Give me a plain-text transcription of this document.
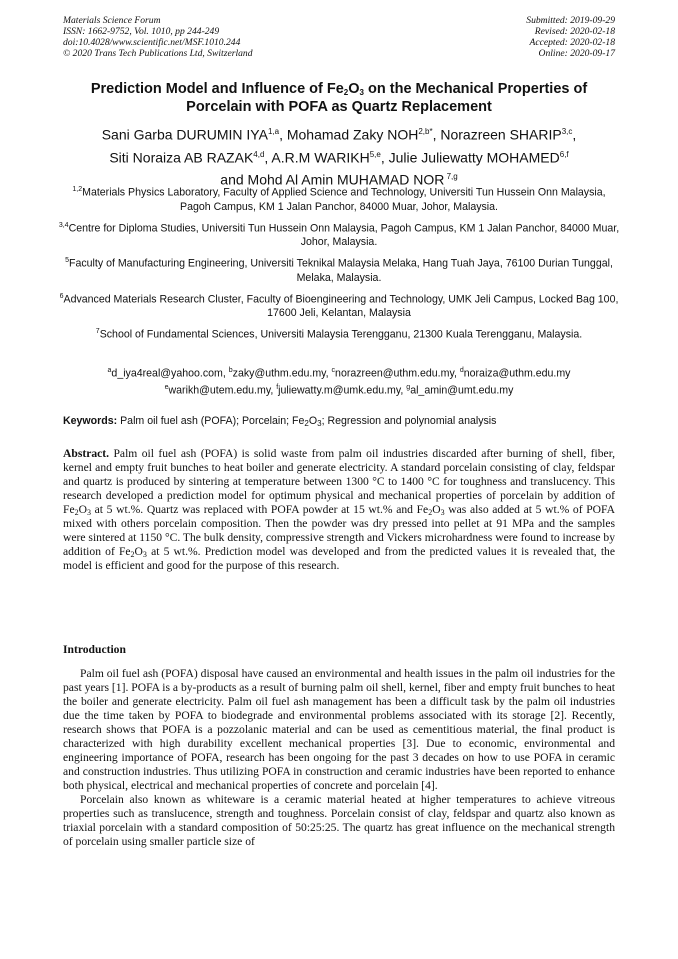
Materials Science Forum
ISSN: 1662-9752, Vol. 1010, pp 244-249
doi:10.4028/www.scientific.net/MSF.1010.244
© 2020 Trans Tech Publications Ltd, Switzerland
Submitted: 2019-09-29
Revised: 2020-02-18
Accepted: 2020-02-18
Online: 2020-09-17
Prediction Model and Influence of $Fe_2O_3$ on the Mechanical Properties of
Porcelain with POFA as Quartz Replacement
Sani Garba DURUMIN IYA$^{1,a}$, Mohamad Zaky $NOH^{2,b*}$, Norazreen SHARIP$^{3,c}$,
Siti Noraiza AB RAZAK$^{4,d}$, A.R.M WARIKH$^{5,e}$, Julie Juliewatty MOHAMED$^{6,f}$
and Mohd Al Amin MUHAMAD NOR $^{7,g}$

$^{1,2}$Materials Physics Laboratory, Faculty of Applied Science and Technology, Universiti Tun Hussein Onn Malaysia, Pagoh Campus, KM 1 Jalan Panchor, 84000 Muar, Johor, Malaysia.

$^{3,4}$Centre for Diploma Studies, Universiti Tun Hussein Onn Malaysia, Pagoh Campus, KM 1 Jalan Panchor, 84000 Muar, Johor, Malaysia.

$^5$Faculty of Manufacturing Engineering, Universiti Teknikal Malaysia Melaka, Hang Tuah Jaya, 76100 Durian Tunggal, Melaka, Malaysia.

$^6$Advanced Materials Research Cluster, Faculty of Bioengineering and Technology, UMK Jeli Campus, Locked Bag 100, 17600 Jeli, Kelantan, Malaysia

$^7$School of Fundamental Sciences, Universiti Malaysia Terengganu, 21300 Kuala Terengganu, Malaysia.

$^a$d_iya4real@yahoo.com, $^b$zaky@uthm.edu.my, $^c$norazreen@uthm.edu.my, $^d$noraiza@uthm.edu.my
$^e$warikh@utem.edu.my, $^f$juliewatty.m@umk.edu.my, $^g$al_amin@umt.edu.my
Keywords: Palm oil fuel ash (POFA); Porcelain; $Fe_2O_3$; Regression and polynomial analysis
Abstract. Palm oil fuel ash (POFA) is solid waste from palm oil industries discarded after burning of shell, fiber, kernel and empty fruit bunches to heat boiler and generate electricity. A standard porcelain consisting of clay, feldspar and quartz is produced by sintering at temperature between 1300 °C to 1400 °C for toughness and translucency. This research developed a prediction model for optimum physical and mechanical properties of porcelain by addition of $Fe_2O_3$ at 5 wt.%. Quartz was replaced with POFA powder at 15 wt.% and $Fe_2O_3$ was also added at 5 wt.% of POFA mixed with others porcelain composition. Then the powder was dry pressed into pellet at 91 MPa and the samples were sintered at 1150 °C. The bulk density, compressive strength and Vickers microhardness were found to increase by addition of $Fe_2O_3$ at 5 wt.%. Prediction model was developed and from the predicted values it is revealed that, the model is efficient and good for the purpose of this research.
Introduction

Palm oil fuel ash (POFA) disposal have caused an environmental and health issues in the palm oil industries for the past years [1]. POFA is a by-products as a result of burning palm oil shell, kernel, fiber and empty fruit bunches to heat the boiler and generate electricity. Palm oil fuel ash management has been a difficult task by the palm oil industries due the time taken by POFA to biodegrade and environmental problems associated with its storage [2]. Recently, research shows that POFA is a pozzolanic material and can be used as cementitious material, the final product is characterized with high durability excellent mechanical properties [3]. Due to economic, environmental and engineering importance of POFA, research has been ongoing for the past 3 decades on how to use POFA in ceramic and construction industries. Thus utilizing POFA in construction and ceramic industries have been reported to enhance both physical, electrical and mechanical properties of concrete and porcelain [4].

Porcelain also known as whiteware is a ceramic material heated at higher temperatures to achieve vitreous properties such as translucence, strength and toughness. Porcelain consist of clay, feldspar and quartz also known as triaxial porcelain with a standard composition of 50:25:25. The quartz has great influence on the mechanical strength of porcelain using smaller particle size of
